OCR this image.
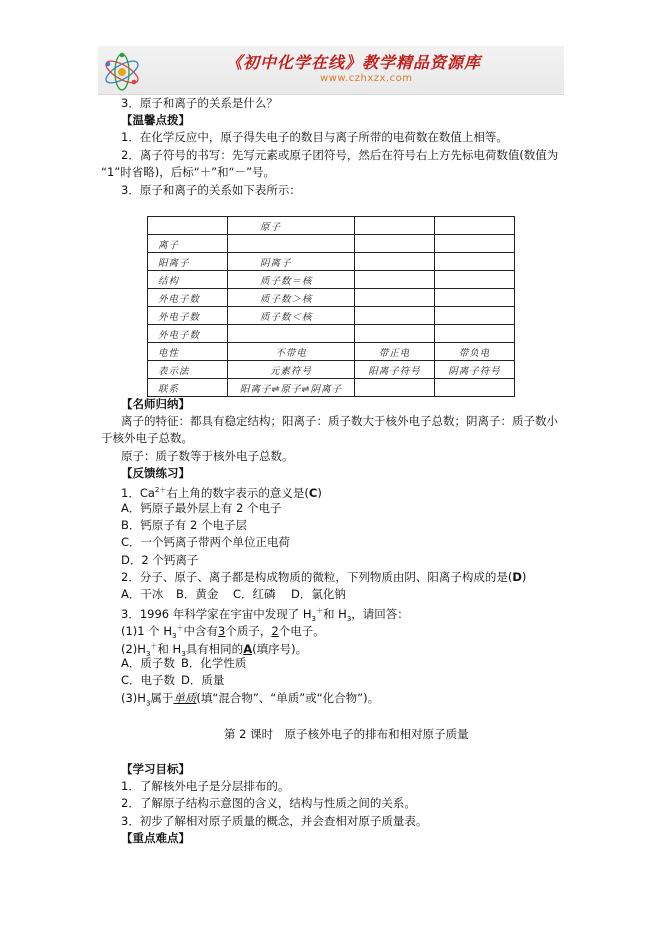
《初中化学在线》教学精品资源库
www.czhxzx.com
3．原子和离子的关系是什么？
【温馨点拨】
1．在化学反应中，原子得失电子的数目与离子所带的电荷数在数值上相等。
2．离子符号的书写：先写元素或原子团符号，然后在符号右上方先标电荷数值(数值为
“1”时省略)，后标“＋”和“－”号。
3．原子和离子的关系如下表所示：
	原子		
离子			
阳离子	阴离子		
结构	质子数＝核		
外电子数	质子数＞核		
外电子数	质子数＜核		
外电子数			
电性	不带电	带正电	带负电
表示法	元素符号	阳离子符号	阴离子符号
联系	阳离子⇌原子⇌阴离子		
【名师归纳】
离子的特征：都具有稳定结构；阳离子：质子数大于核外电子总数；阴离子：质子数小
于核外电子总数。
原子：质子数等于核外电子总数。
【反馈练习】
1．$Ca^{2+}$右上角的数字表示的意义是(C)
A．钙原子最外层上有 2 个电子
B．钙原子有 2 个电子层
C．一个钙离子带两个单位正电荷
D．2 个钙离子
2．分子、原子、离子都是构成物质的微粒，下列物质由阴、阳离子构成的是(D)
A．干冰 B．黄金 C．红磷 D．氯化钠
3．1996 年科学家在宇宙中发现了 $H_3^+$和 $H_3$，请回答：
(1)1 个 $H_3^+$中含有3个质子，2个电子。
$(2)H_3^+$和 $H_3$具有相同的A(填序号)。
A．质子数 B．化学性质
C．电子数 D．质量
$(3)H_3$属于单质(填“混合物”、“单质”或“化合物”)。
第 2 课时　原子核外电子的排布和相对原子质量
【学习目标】
1．了解核外电子是分层排布的。
2．了解原子结构示意图的含义，结构与性质之间的关系。
3．初步了解相对原子质量的概念，并会查相对原子质量表。
【重点难点】
